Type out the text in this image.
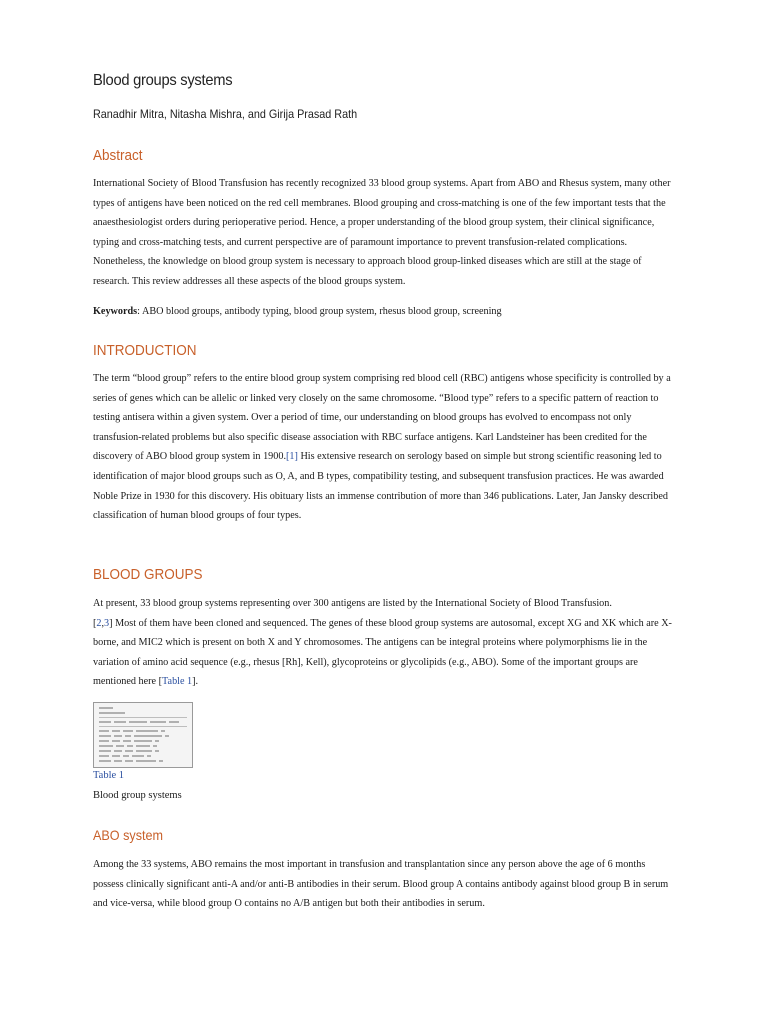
Blood groups systems
Ranadhir Mitra, Nitasha Mishra, and Girija Prasad Rath
Abstract
International Society of Blood Transfusion has recently recognized 33 blood group systems. Apart from ABO and Rhesus system, many other types of antigens have been noticed on the red cell membranes. Blood grouping and cross-matching is one of the few important tests that the anaesthesiologist orders during perioperative period. Hence, a proper understanding of the blood group system, their clinical significance, typing and cross-matching tests, and current perspective are of paramount importance to prevent transfusion-related complications. Nonetheless, the knowledge on blood group system is necessary to approach blood group-linked diseases which are still at the stage of research. This review addresses all these aspects of the blood groups system.
Keywords: ABO blood groups, antibody typing, blood group system, rhesus blood group, screening
INTRODUCTION
The term “blood group” refers to the entire blood group system comprising red blood cell (RBC) antigens whose specificity is controlled by a series of genes which can be allelic or linked very closely on the same chromosome. “Blood type” refers to a specific pattern of reaction to testing antisera within a given system. Over a period of time, our understanding on blood groups has evolved to encompass not only transfusion-related problems but also specific disease association with RBC surface antigens. Karl Landsteiner has been credited for the discovery of ABO blood group system in 1900.[1] His extensive research on serology based on simple but strong scientific reasoning led to identification of major blood groups such as O, A, and B types, compatibility testing, and subsequent transfusion practices. He was awarded Noble Prize in 1930 for this discovery. His obituary lists an immense contribution of more than 346 publications. Later, Jan Jansky described classification of human blood groups of four types.
BLOOD GROUPS
At present, 33 blood group systems representing over 300 antigens are listed by the International Society of Blood Transfusion.
[2,3] Most of them have been cloned and sequenced. The genes of these blood group systems are autosomal, except XG and XK which are X-borne, and MIC2 which is present on both X and Y chromosomes. The antigens can be integral proteins where polymorphisms lie in the variation of amino acid sequence (e.g., rhesus [Rh], Kell), glycoproteins or glycolipids (e.g., ABO). Some of the important groups are mentioned here [Table 1].
Table 1
Blood group systems
ABO system
Among the 33 systems, ABO remains the most important in transfusion and transplantation since any person above the age of 6 months possess clinically significant anti-A and/or anti-B antibodies in their serum. Blood group A contains antibody against blood group B in serum and vice-versa, while blood group O contains no A/B antigen but both their antibodies in serum.
